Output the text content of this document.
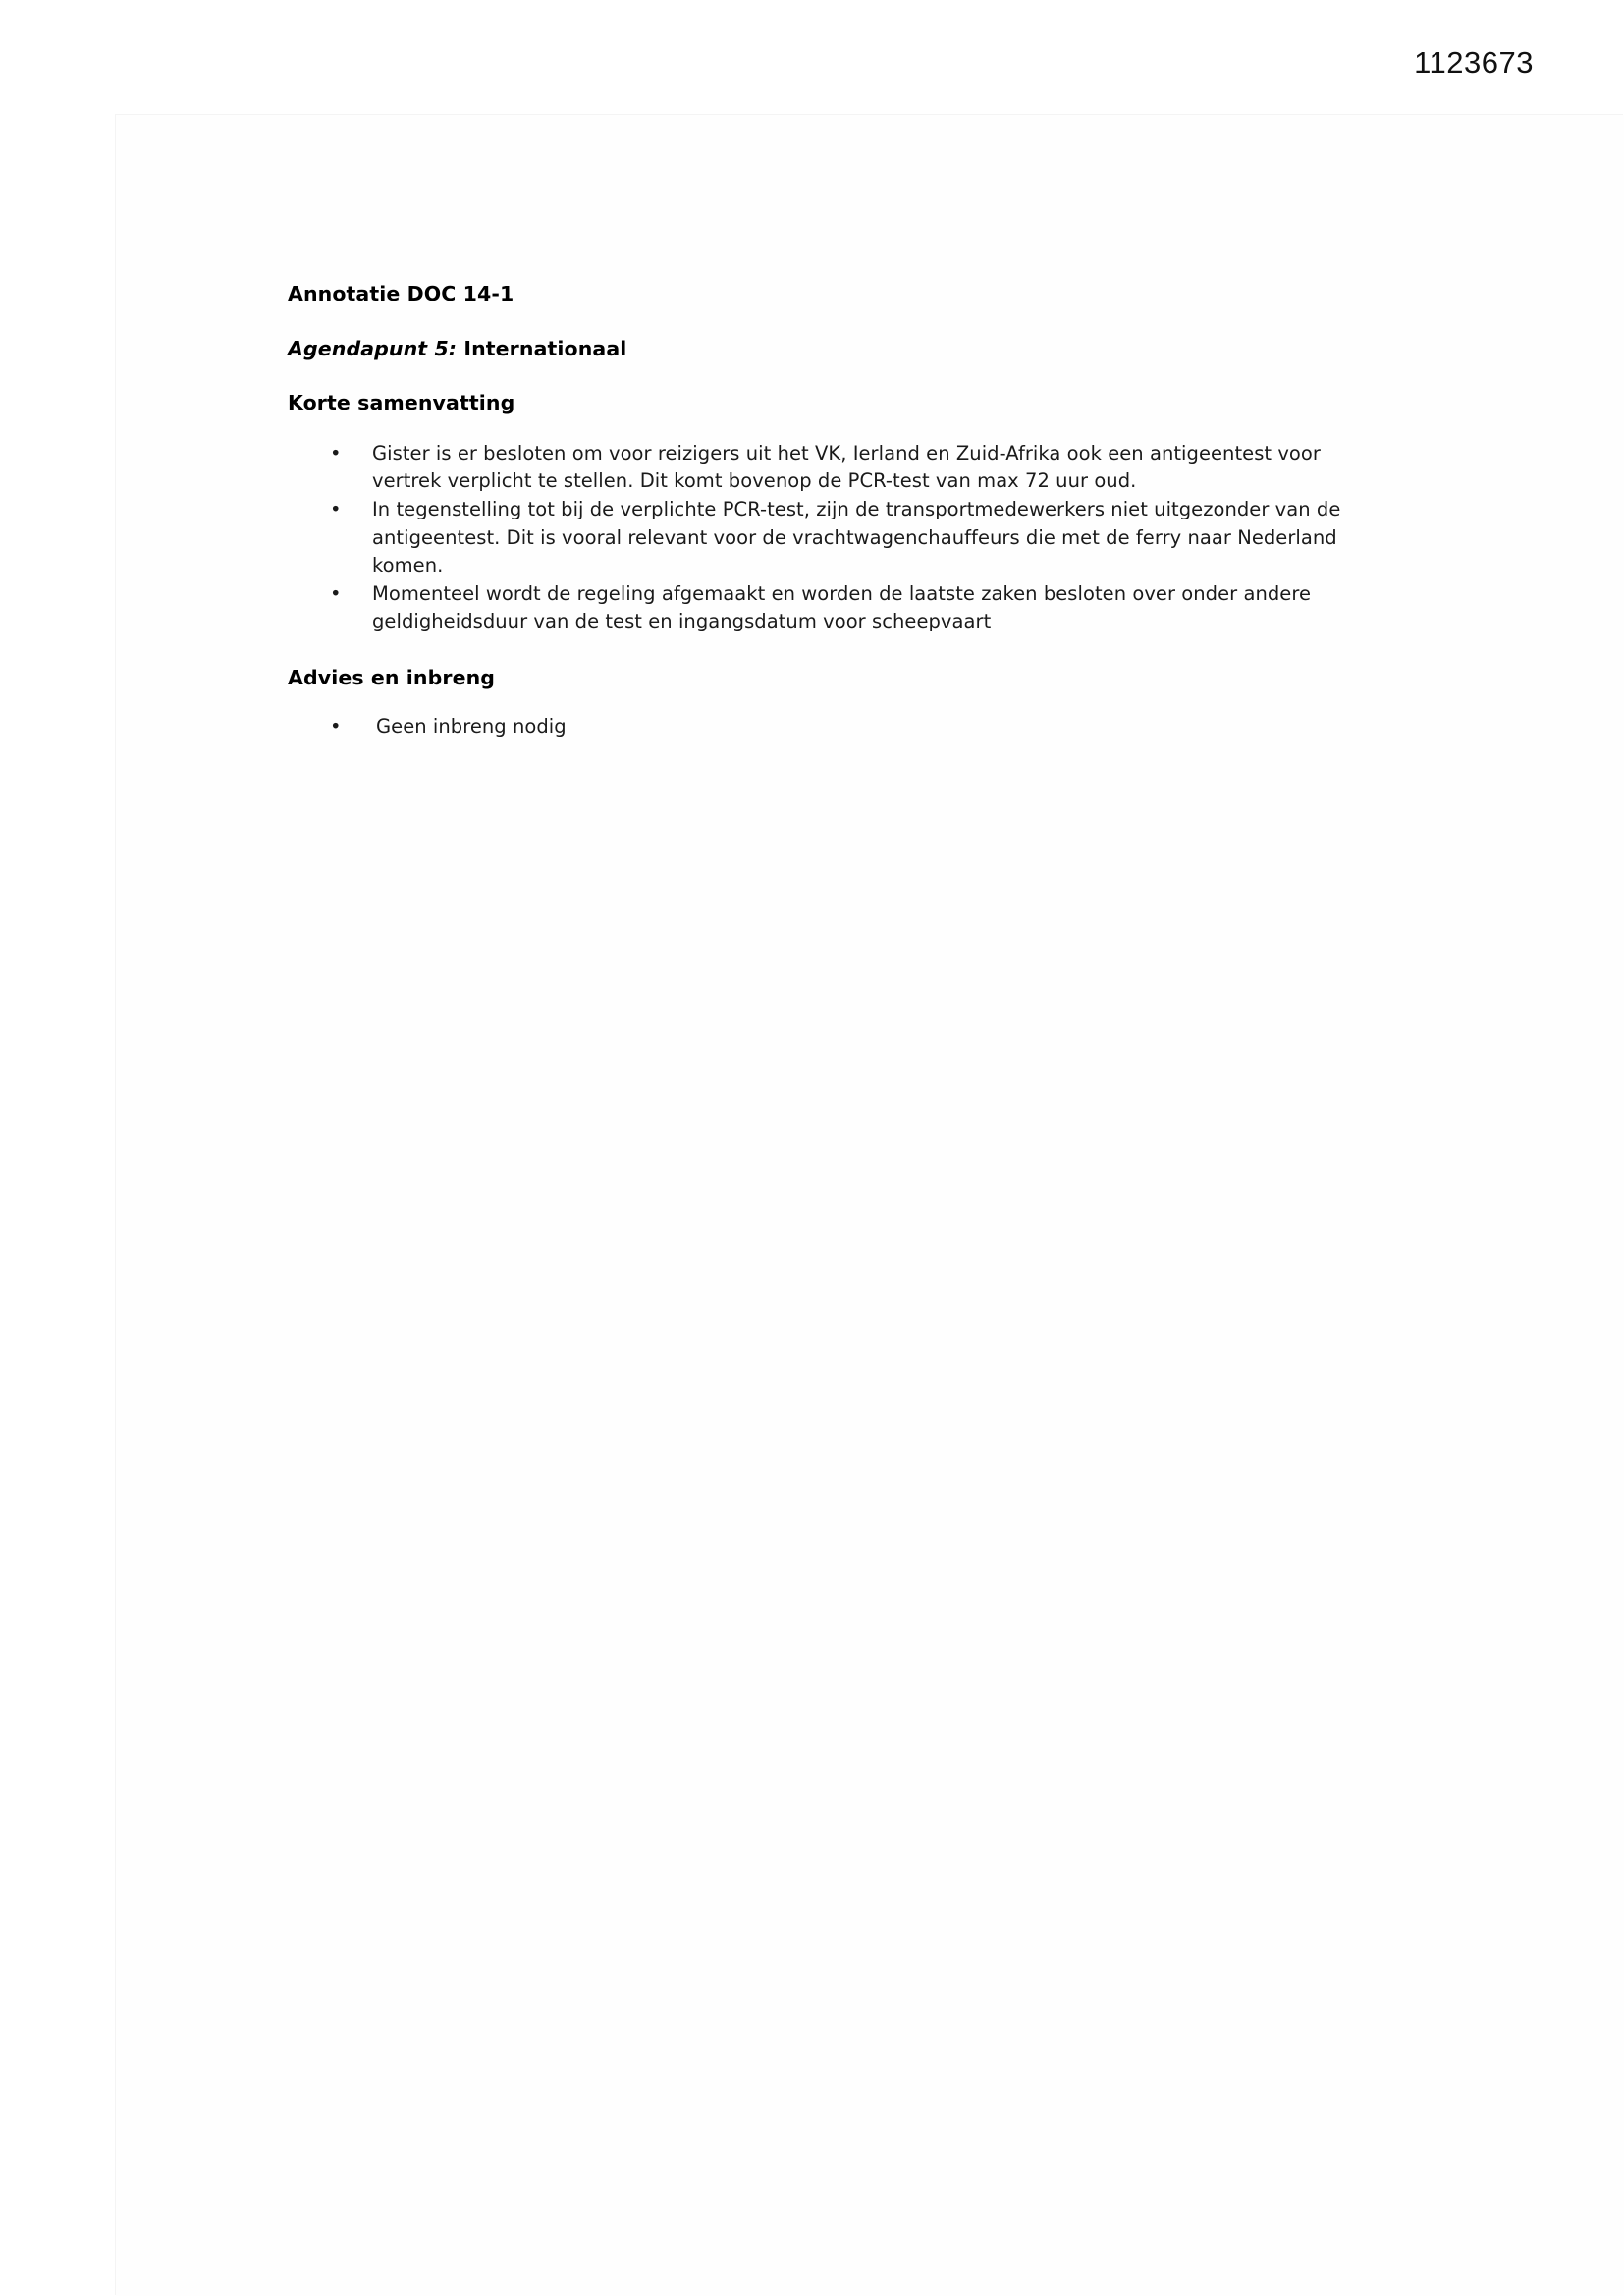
1123673

Annotatie DOC 14-1

Agendapunt 5: Internationaal

Korte samenvatting

• Gister is er besloten om voor reizigers uit het VK, Ierland en Zuid-Afrika ook een antigeentest voor vertrek verplicht te stellen. Dit komt bovenop de PCR-test van max 72 uur oud.
• In tegenstelling tot bij de verplichte PCR-test, zijn de transportmedewerkers niet uitgezonder van de antigeentest. Dit is vooral relevant voor de vrachtwagenchauffeurs die met de ferry naar Nederland komen.
• Momenteel wordt de regeling afgemaakt en worden de laatste zaken besloten over onder andere geldigheidsduur van de test en ingangsdatum voor scheepvaart

Advies en inbreng

• Geen inbreng nodig
